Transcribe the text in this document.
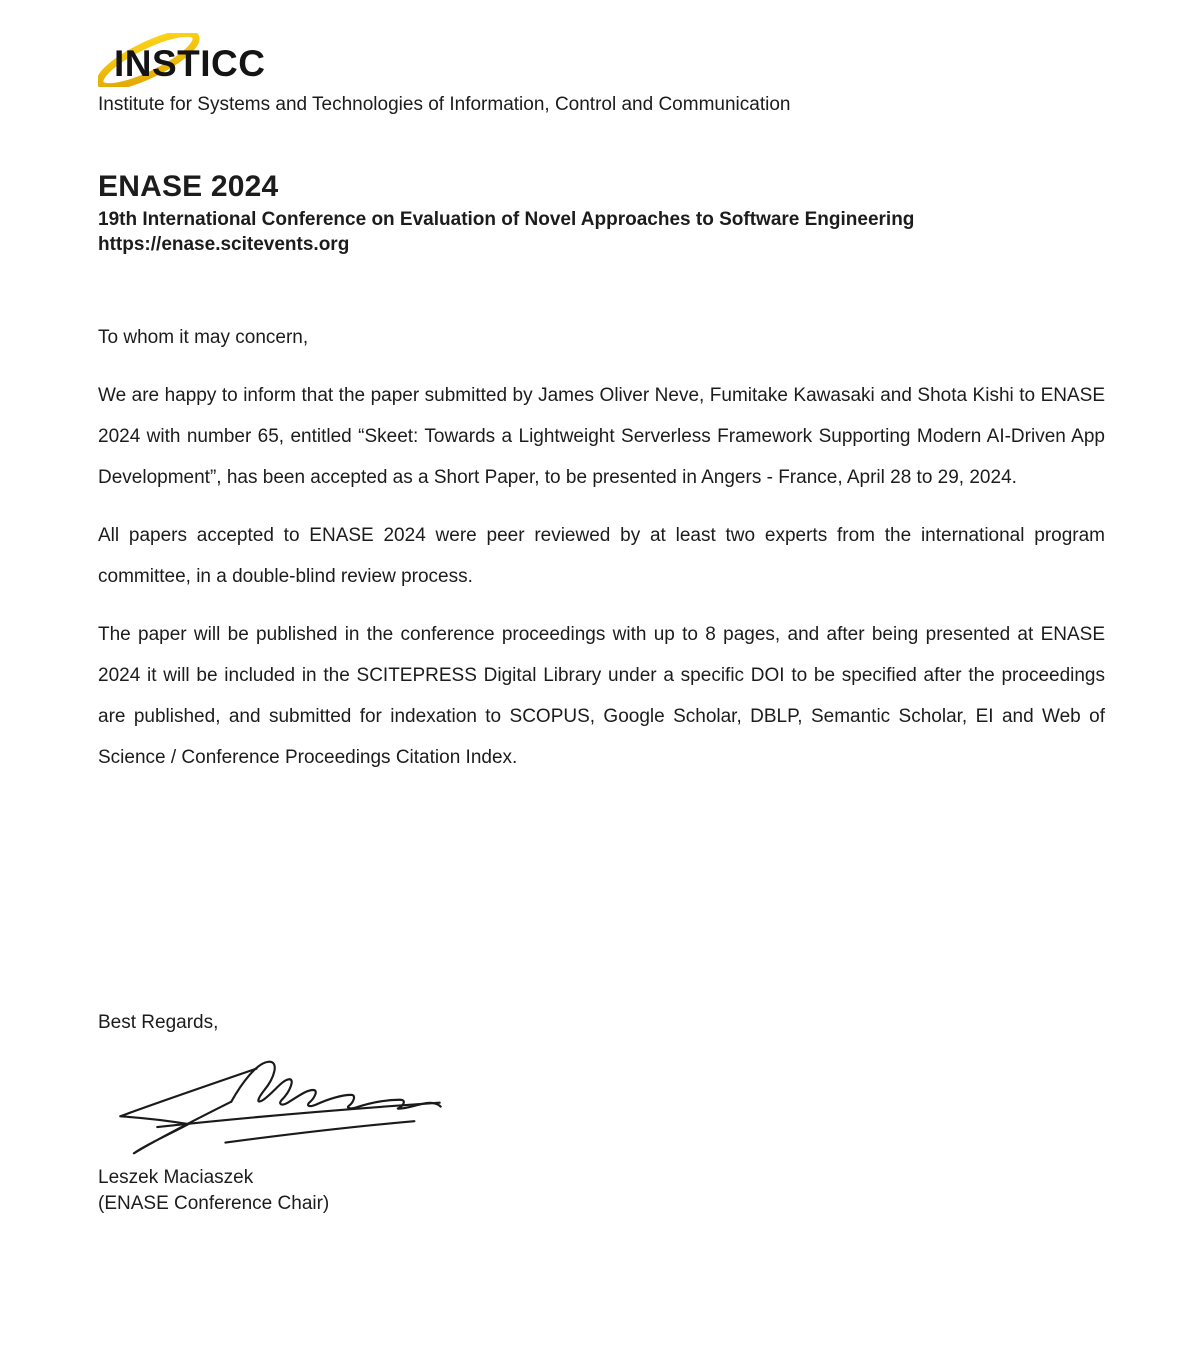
INSTICC
Institute for Systems and Technologies of Information, Control and Communication
ENASE 2024
19th International Conference on Evaluation of Novel Approaches to Software Engineering
https://enase.scitevents.org
To whom it may concern,

We are happy to inform that the paper submitted by James Oliver Neve, Fumitake Kawasaki and Shota Kishi to ENASE 2024 with number 65, entitled “Skeet: Towards a Lightweight Serverless Framework Supporting Modern AI-Driven App Development”, has been accepted as a Short Paper, to be presented in Angers - France, April 28 to 29, 2024.

All papers accepted to ENASE 2024 were peer reviewed by at least two experts from the international program committee, in a double-blind review process.

The paper will be published in the conference proceedings with up to 8 pages, and after being presented at ENASE 2024 it will be included in the SCITEPRESS Digital Library under a specific DOI to be specified after the proceedings are published, and submitted for indexation to SCOPUS, Google Scholar, DBLP, Semantic Scholar, EI and Web of Science / Conference Proceedings Citation Index.

Best Regards,
Leszek Maciaszek
(ENASE Conference Chair)
